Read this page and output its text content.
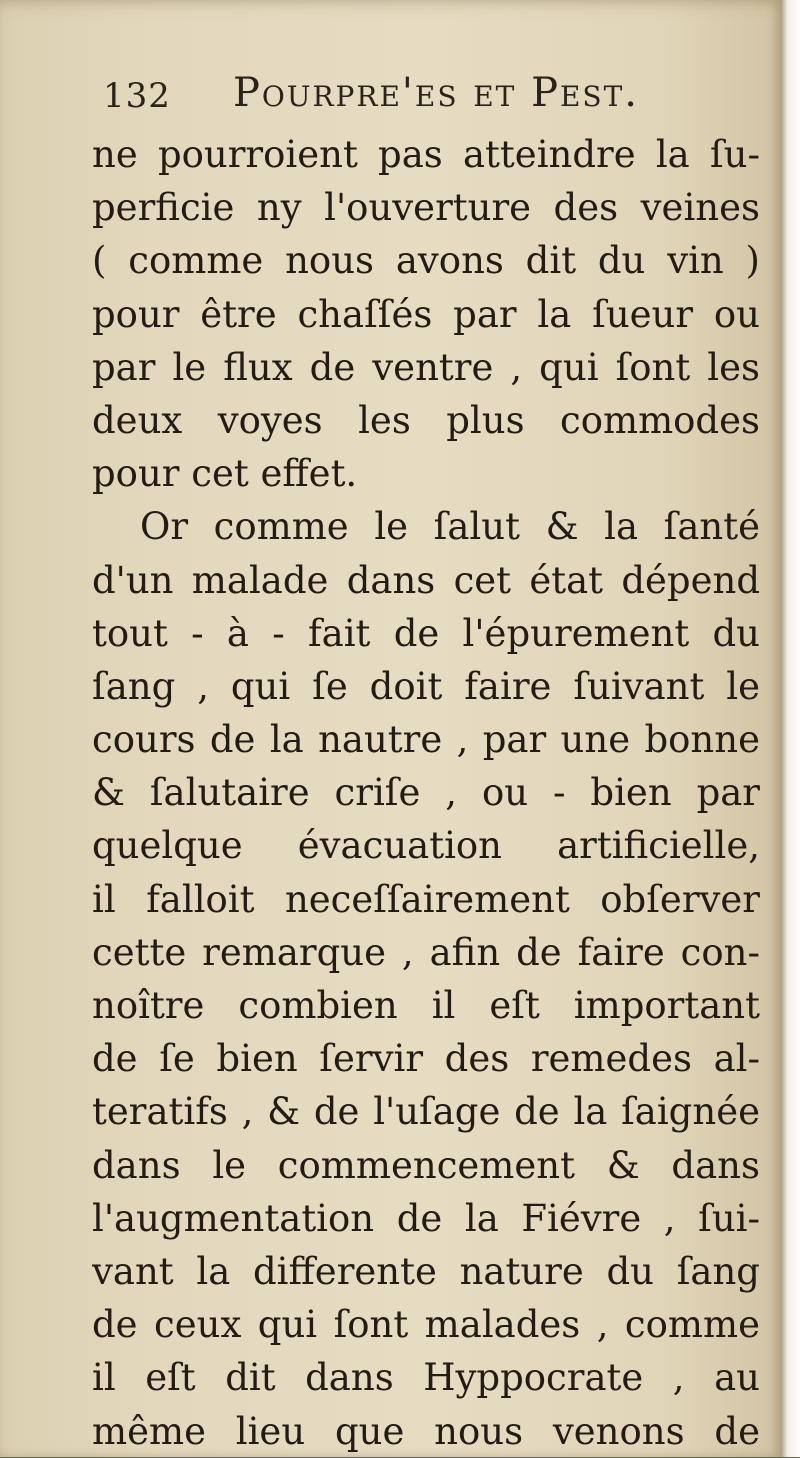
132 Pourpre'es et Pest.
ne pourroient pas atteindre la ſu-
perficie ny l'ouverture des veines
( comme nous avons dit du vin )
pour être chaſſés par la ſueur ou
par le flux de ventre , qui ſont les
deux voyes les plus commodes
pour cet effet.
Or comme le ſalut & la ſanté
d'un malade dans cet état dépend
tout - à - fait de l'épurement du
ſang , qui ſe doit faire ſuivant le
cours de la nautre , par une bonne
& ſalutaire criſe , ou - bien par
quelque évacuation artificielle,
il falloit neceſſairement obſerver
cette remarque , afin de faire con-
noître combien il eſt important
de ſe bien ſervir des remedes al-
teratifs , & de l'uſage de la ſaignée
dans le commencement & dans
l'augmentation de la Fiévre , ſui-
vant la differente nature du ſang
de ceux qui ſont malades , comme
il eſt dit dans Hyppocrate , au
même lieu que nous venons de
